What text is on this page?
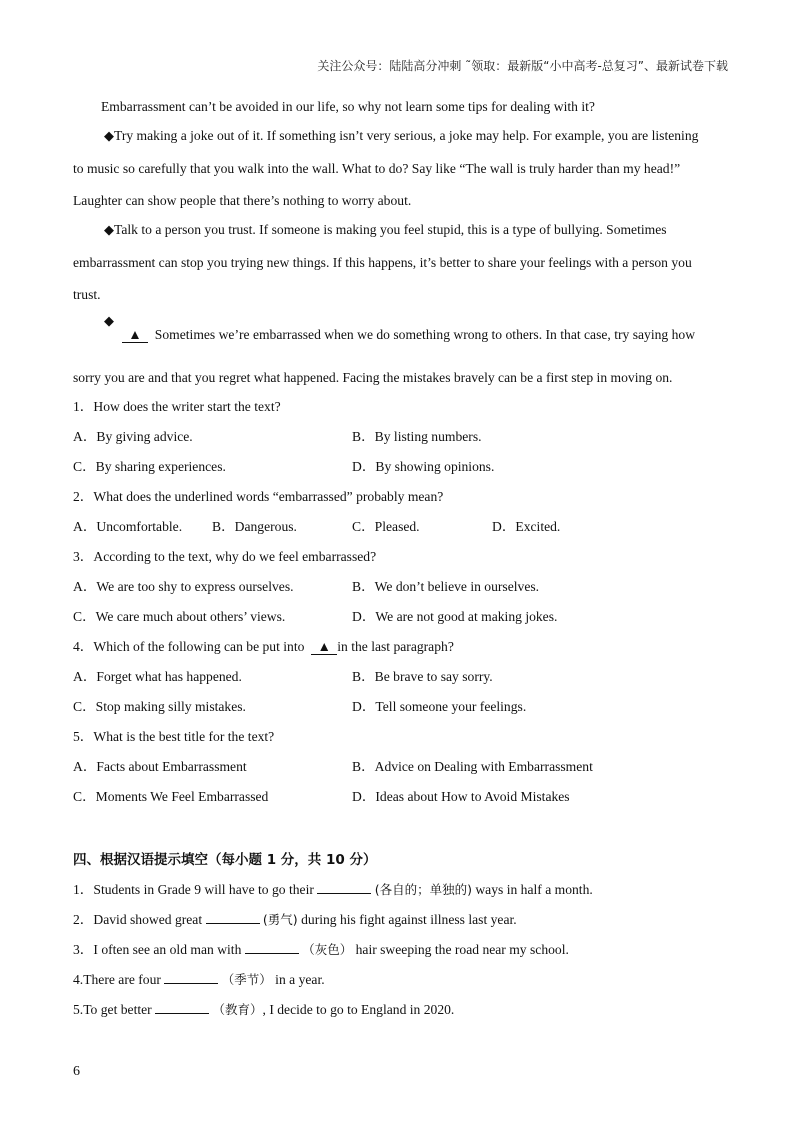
关注公众号：陆陆高分冲刺 ˜领取：最新版“小中高考-总复习”、最新试卷下载
Embarrassment can’t be avoided in our life, so why not learn some tips for dealing with it?
◆Try making a joke out of it. If something isn’t very serious, a joke may help. For example, you are listening
to music so carefully that you walk into the wall. What to do? Say like “The wall is truly harder than my head!”
Laughter can show people that there’s nothing to worry about.
◆Talk to a person you trust. If someone is making you feel stupid, this is a type of bullying. Sometimes
embarrassment can stop you trying new things. If this happens, it’s better to share your feelings with a person you
trust.
◆
▲ Sometimes we’re embarrassed when we do something wrong to others. In that case, try saying how
sorry you are and that you regret what happened. Facing the mistakes bravely can be a first step in moving on.
1．How does the writer start the text?
A．By giving advice.	B．By listing numbers.
C．By sharing experiences.	D．By showing opinions.
2．What does the underlined words “embarrassed” probably mean?
A．Uncomfortable. B．Dangerous.	C．Pleased.	D．Excited.
3．According to the text, why do we feel embarrassed?
A．We are too shy to express ourselves.	B．We don’t believe in ourselves.
C．We care much about others’ views.	D．We are not good at making jokes.
4．Which of the following can be put into ▲ in the last paragraph?
A．Forget what has happened.	B．Be brave to say sorry.
C．Stop making silly mistakes.	D．Tell someone your feelings.
5．What is the best title for the text?
A．Facts about Embarrassment	B．Advice on Dealing with Embarrassment
C．Moments We Feel Embarrassed	D．Ideas about How to Avoid Mistakes
四、根据汉语提示填空（每小题 1 分，共 10 分）
1．Students in Grade 9 will have to go their	(各自的；单独的) ways in half a month.
2．David showed great	(勇气) during his fight against illness last year.
3．I often see an old man with	（灰色） hair sweeping the road near my school.
4.There are four	（季节） in a year.
5.To get better	（教育）, I decide to go to England in 2020.
6
